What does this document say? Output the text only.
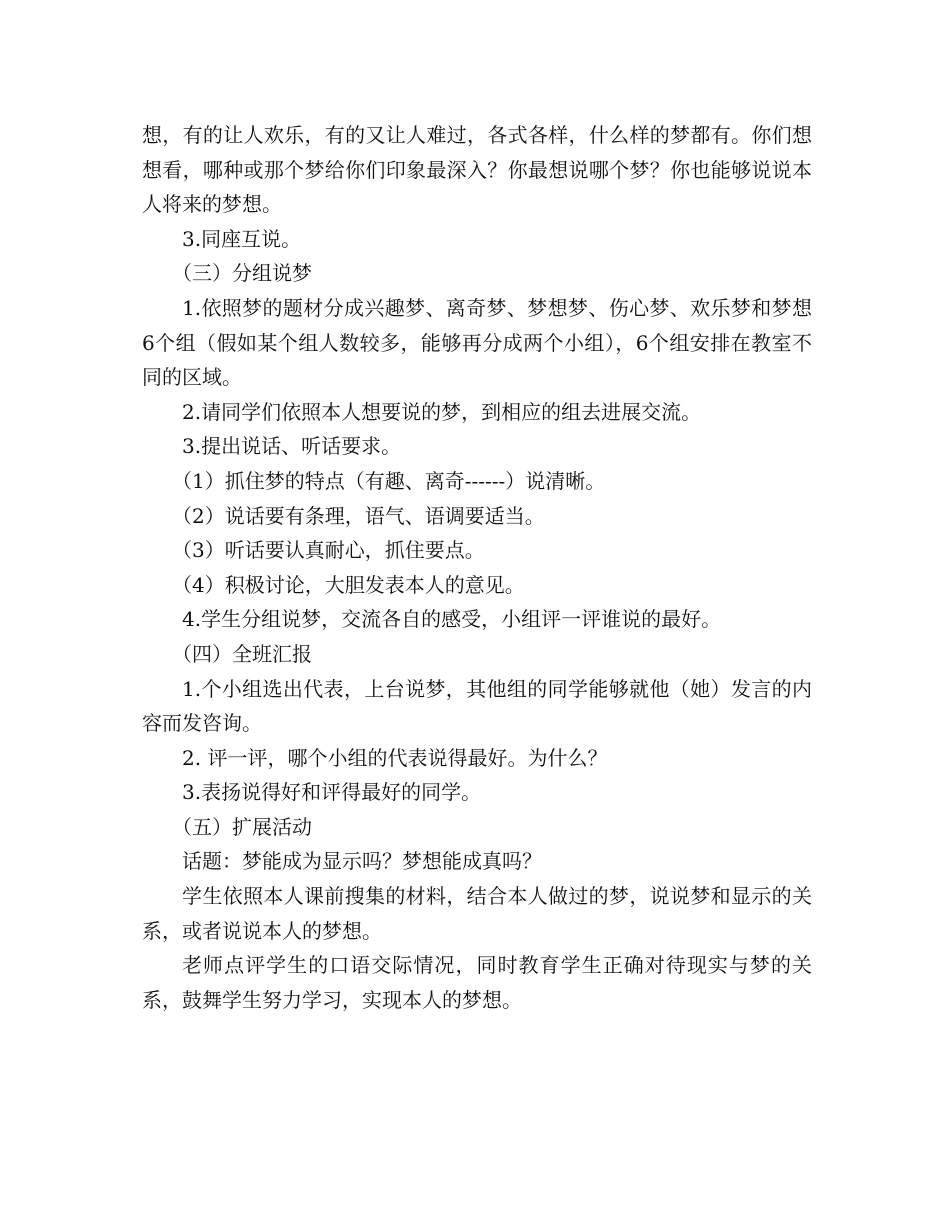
想，有的让人欢乐，有的又让人难过，各式各样，什么样的梦都有。你们想想看，哪种或那个梦给你们印象最深入？你最想说哪个梦？你也能够说说本人将来的梦想。

3.同座互说。

（三）分组说梦

1.依照梦的题材分成兴趣梦、离奇梦、梦想梦、伤心梦、欢乐梦和梦想6个组（假如某个组人数较多，能够再分成两个小组），6个组安排在教室不同的区域。

2.请同学们依照本人想要说的梦，到相应的组去进展交流。

3.提出说话、听话要求。

（1）抓住梦的特点（有趣、离奇------）说清晰。

（2）说话要有条理，语气、语调要适当。

（3）听话要认真耐心，抓住要点。

（4）积极讨论，大胆发表本人的意见。

4.学生分组说梦，交流各自的感受，小组评一评谁说的最好。

（四）全班汇报

1.个小组选出代表，上台说梦，其他组的同学能够就他（她）发言的内容而发咨询。

2. 评一评，哪个小组的代表说得最好。为什么？

3.表扬说得好和评得最好的同学。

（五）扩展活动

话题：梦能成为显示吗？梦想能成真吗？

学生依照本人课前搜集的材料，结合本人做过的梦，说说梦和显示的关系，或者说说本人的梦想。

老师点评学生的口语交际情况，同时教育学生正确对待现实与梦的关系，鼓舞学生努力学习，实现本人的梦想。
